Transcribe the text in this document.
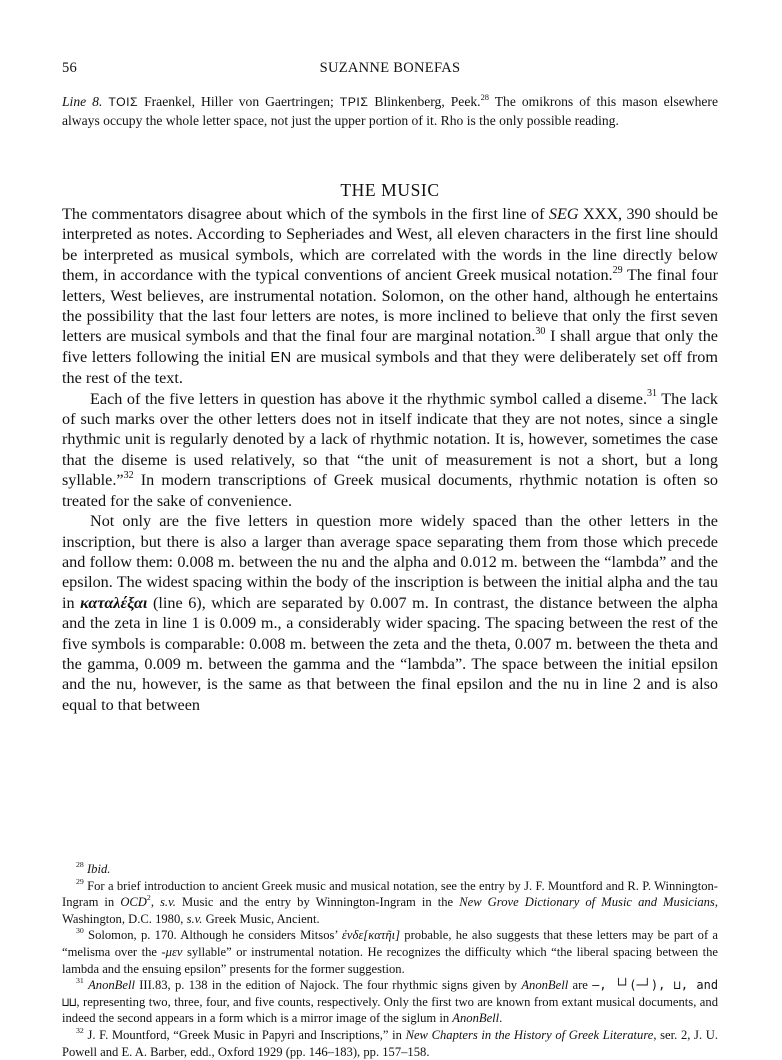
56	SUZANNE BONEFAS

Line 8. ΤΟΙΣ Fraenkel, Hiller von Gaertringen; ΤΡΙΣ Blinkenberg, Peek.$^{28}$ The omikrons of this mason elsewhere always occupy the whole letter space, not just the upper portion of it. Rho is the only possible reading.

THE MUSIC

The commentators disagree about which of the symbols in the first line of SEG XXX, 390 should be interpreted as notes. According to Sepheriades and West, all eleven characters in the first line should be interpreted as musical symbols, which are correlated with the words in the line directly below them, in accordance with the typical conventions of ancient Greek musical notation.$^{29}$ The final four letters, West believes, are instrumental notation. Solomon, on the other hand, although he entertains the possibility that the last four letters are notes, is more inclined to believe that only the first seven letters are musical symbols and that the final four are marginal notation.$^{30}$ I shall argue that only the five letters following the initial EN are musical symbols and that they were deliberately set off from the rest of the text.

Each of the five letters in question has above it the rhythmic symbol called a diseme.$^{31}$ The lack of such marks over the other letters does not in itself indicate that they are not notes, since a single rhythmic unit is regularly denoted by a lack of rhythmic notation. It is, however, sometimes the case that the diseme is used relatively, so that “the unit of measurement is not a short, but a long syllable.”$^{32}$ In modern transcriptions of Greek musical documents, rhythmic notation is often so treated for the sake of convenience.

Not only are the five letters in question more widely spaced than the other letters in the inscription, but there is also a larger than average space separating them from those which precede and follow them: 0.008 m. between the nu and the alpha and 0.012 m. between the “lambda” and the epsilon. The widest spacing within the body of the inscription is between the initial alpha and the tau in καταλέξαι (line 6), which are separated by 0.007 m. In contrast, the distance between the alpha and the zeta in line 1 is 0.009 m., a considerably wider spacing. The spacing between the rest of the five symbols is comparable: 0.008 m. between the zeta and the theta, 0.007 m. between the theta and the gamma, 0.009 m. between the gamma and the “lambda”. The space between the initial epsilon and the nu, however, is the same as that between the final epsilon and the nu in line 2 and is also equal to that between

$^{28}$ Ibid.

$^{29}$ For a brief introduction to ancient Greek music and musical notation, see the entry by J. F. Mountford and R. P. Winnington-Ingram in OCD$^2$, s.v. Music and the entry by Winnington-Ingram in the New Grove Dictionary of Music and Musicians, Washington, D.C. 1980, s.v. Greek Music, Ancient.

$^{30}$ Solomon, p. 170. Although he considers Mitsos’ ἐνδε[κατῆι] probable, he also suggests that these letters may be part of a “melisma over the -μεν syllable” or instrumental notation. He recognizes the difficulty which “the liberal spacing between the lambda and the ensuing epsilon” presents for the former suggestion.

$^{31}$ AnonBell III.83, p. 138 in the edition of Najock. The four rhythmic signs given by AnonBell are —, └┘(─┘), ⊔, and ⊔⊔, representing two, three, four, and five counts, respectively. Only the first two are known from extant musical documents, and indeed the second appears in a form which is a mirror image of the siglum in AnonBell.

$^{32}$ J. F. Mountford, “Greek Music in Papyri and Inscriptions,” in New Chapters in the History of Greek Literature, ser. 2, J. U. Powell and E. A. Barber, edd., Oxford 1929 (pp. 146–183), pp. 157–158.
